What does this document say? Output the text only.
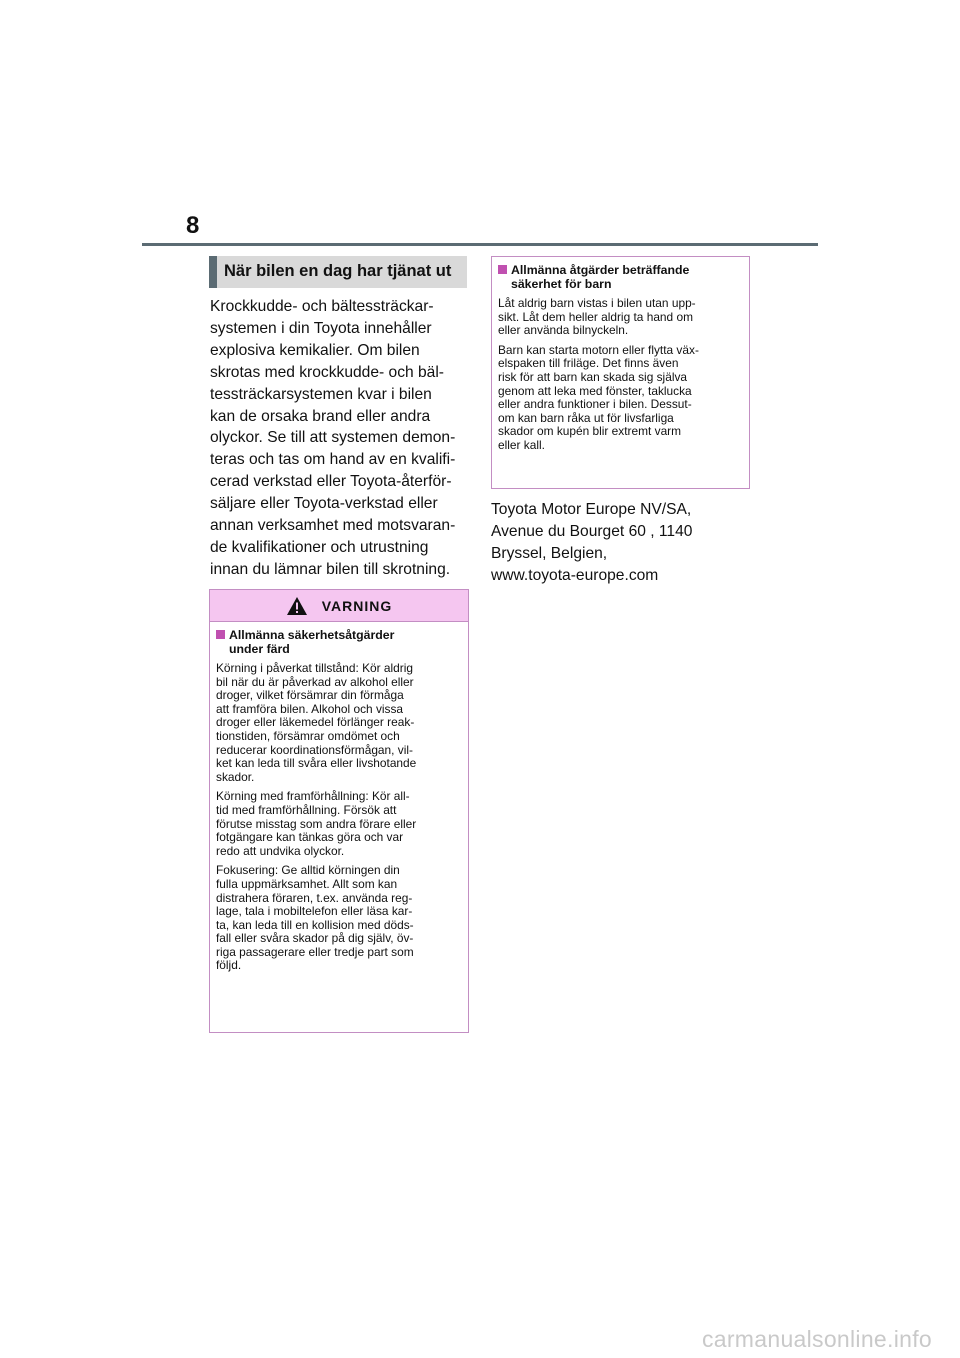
8
När bilen en dag har tjänat ut
Krockkudde- och bältessträckar-
systemen i din Toyota innehåller
explosiva kemikalier. Om bilen
skrotas med krockkudde- och bäl-
tessträckarsystemen kvar i bilen
kan de orsaka brand eller andra
olyckor. Se till att systemen demon-
teras och tas om hand av en kvalifi-
cerad verkstad eller Toyota-återför-
säljare eller Toyota-verkstad eller
annan verksamhet med motsvaran-
de kvalifikationer och utrustning
innan du lämnar bilen till skrotning.
VARNING
Allmänna säkerhetsåtgärder
under färd

Körning i påverkat tillstånd: Kör aldrig
bil när du är påverkad av alkohol eller
droger, vilket försämrar din förmåga
att framföra bilen. Alkohol och vissa
droger eller läkemedel förlänger reak-
tionstiden, försämrar omdömet och
reducerar koordinationsförmågan, vil-
ket kan leda till svåra eller livshotande
skador.

Körning med framförhållning: Kör all-
tid med framförhållning. Försök att
förutse misstag som andra förare eller
fotgängare kan tänkas göra och var
redo att undvika olyckor.

Fokusering: Ge alltid körningen din
fulla uppmärksamhet. Allt som kan
distrahera föraren, t.ex. använda reg-
lage, tala i mobiltelefon eller läsa kar-
ta, kan leda till en kollision med döds-
fall eller svåra skador på dig själv, öv-
riga passagerare eller tredje part som
följd.

Allmänna åtgärder beträffande
säkerhet för barn

Låt aldrig barn vistas i bilen utan upp-
sikt. Låt dem heller aldrig ta hand om
eller använda bilnyckeln.

Barn kan starta motorn eller flytta väx-
elspaken till friläge. Det finns även
risk för att barn kan skada sig själva
genom att leka med fönster, taklucka
eller andra funktioner i bilen. Dessut-
om kan barn råka ut för livsfarliga
skador om kupén blir extremt varm
eller kall.

Toyota Motor Europe NV/SA,
Avenue du Bourget 60 , 1140
Bryssel, Belgien,
www.toyota-europe.com
carmanualsonline.info
